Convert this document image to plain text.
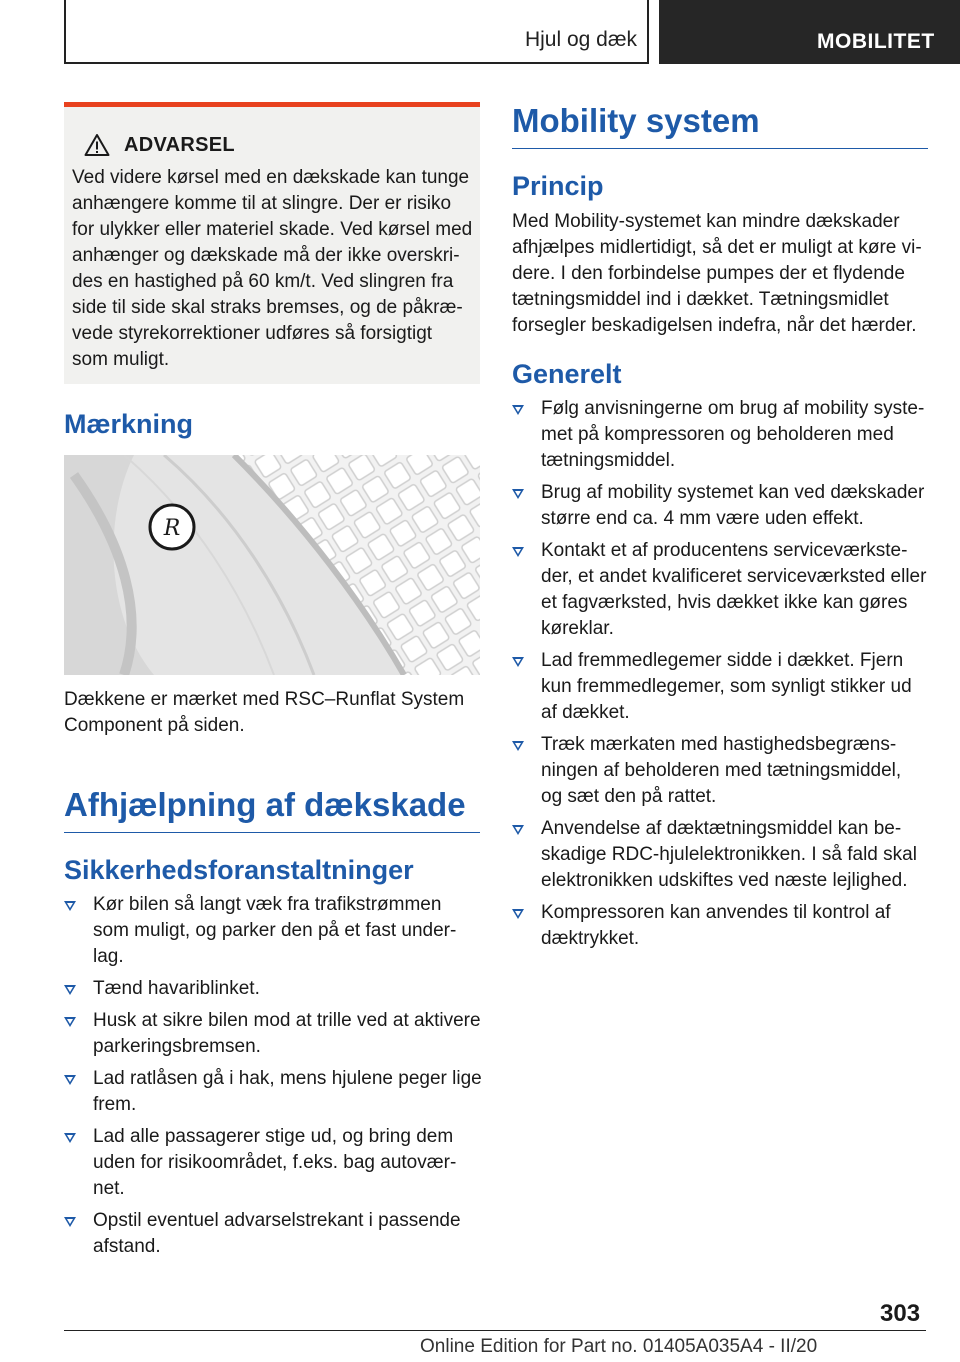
Hjul og dæk	MOBILITET
ADVARSEL
Ved videre kørsel med en dækskade kan tunge
anhængere komme til at slingre. Der er risiko
for ulykker eller materiel skade. Ved kørsel med
anhænger og dækskade må der ikke overskri‐
des en hastighed på 60 km/t. Ved slingren fra
side til side skal straks bremses, og de påkræ‐
vede styrekorrektioner udføres så forsigtigt
som muligt.
Mærkning
R
Dækkene er mærket med RSC–Runflat System
Component på siden.
Afhjælpning af dækskade
Sikkerhedsforanstaltninger
Kør bilen så langt væk fra trafikstrømmen
som muligt, og parker den på et fast under‐
lag.
Tænd havariblinket.
Husk at sikre bilen mod at trille ved at aktivere
parkeringsbremsen.
Lad ratlåsen gå i hak, mens hjulene peger lige
frem.
Lad alle passagerer stige ud, og bring dem
uden for risikoområdet, f.eks. bag autovær‐
net.
Opstil eventuel advarselstrekant i passende
afstand.
Mobility system
Princip
Med Mobility-systemet kan mindre dækskader
afhjælpes midlertidigt, så det er muligt at køre vi‐
dere. I den forbindelse pumpes der et flydende
tætningsmiddel ind i dækket. Tætningsmidlet
forsegler beskadigelsen indefra, når det hærder.
Generelt
Følg anvisningerne om brug af mobility syste‐
met på kompressoren og beholderen med
tætningsmiddel.
Brug af mobility systemet kan ved dækskader
større end ca. 4 mm være uden effekt.
Kontakt et af producentens serviceværkste‐
der, et andet kvalificeret serviceværksted eller
et fagværksted, hvis dækket ikke kan gøres
køreklar.
Lad fremmedlegemer sidde i dækket. Fjern
kun fremmedlegemer, som synligt stikker ud
af dækket.
Træk mærkaten med hastighedsbegræns‐
ningen af beholderen med tætningsmiddel,
og sæt den på rattet.
Anvendelse af dæktætningsmiddel kan be‐
skadige RDC-hjulelektronikken. I så fald skal
elektronikken udskiftes ved næste lejlighed.
Kompressoren kan anvendes til kontrol af
dæktrykket.
303
Online Edition for Part no. 01405A035A4 - II/20
